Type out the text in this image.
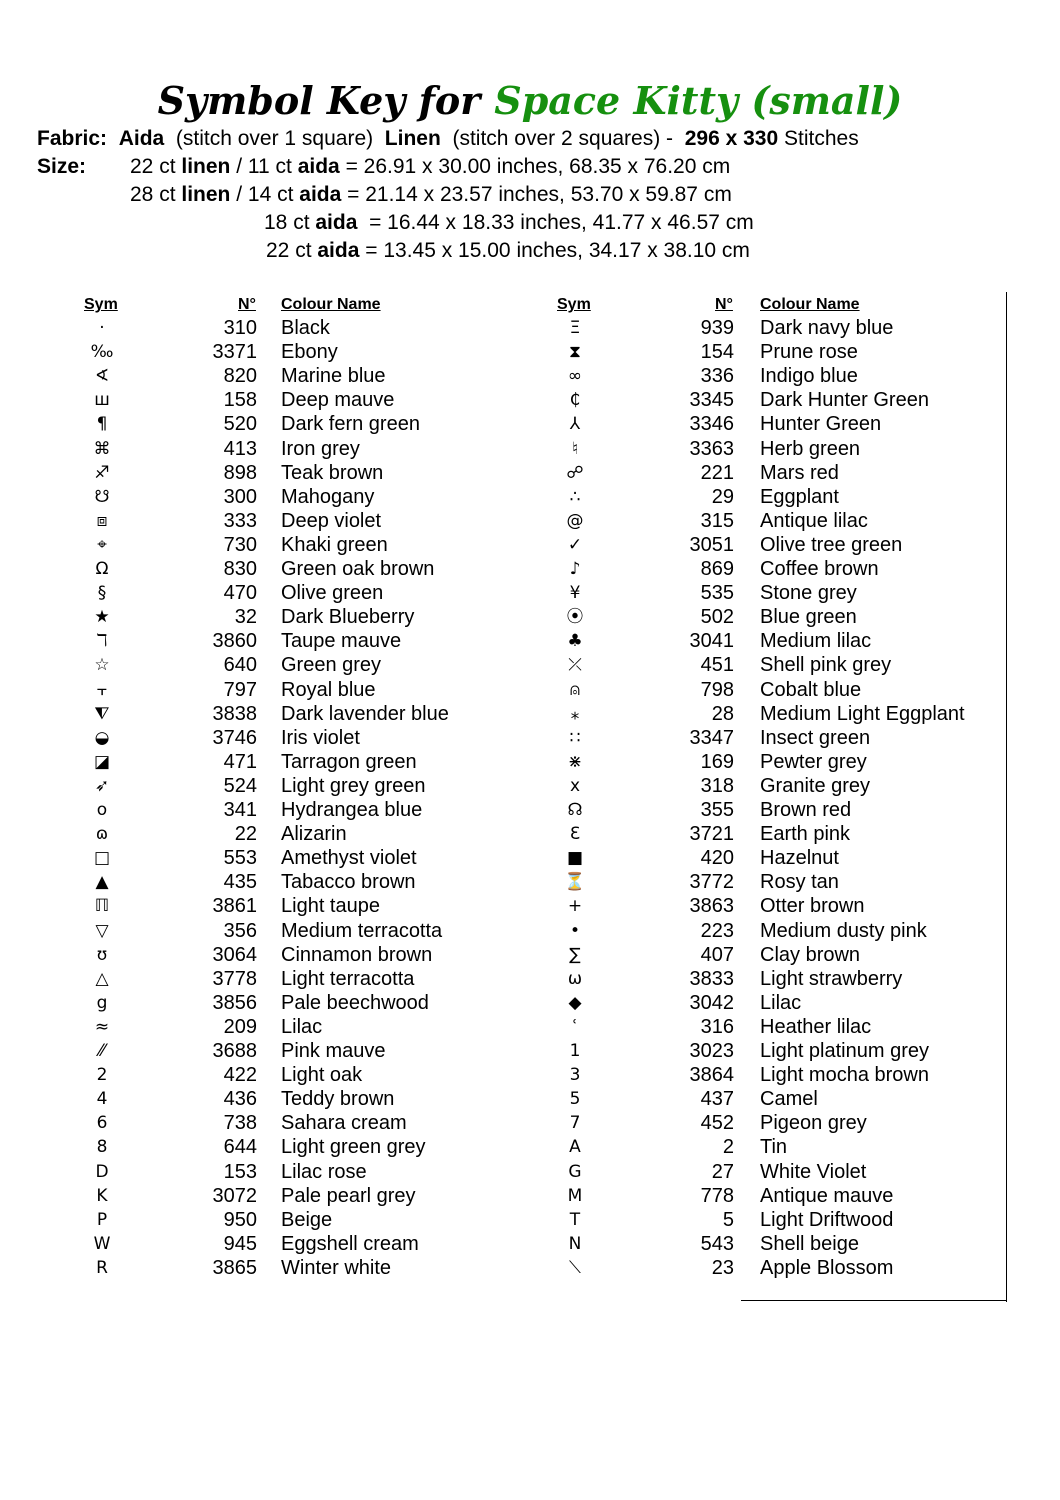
Symbol Key for Space Kitty (small)
Fabric: Aida (stitch over 1 square) Linen (stitch over 2 squares) - 296 x 330 Stitches
Size: 22 ct linen / 11 ct aida = 26.91 x 30.00 inches, 68.35 x 76.20 cm
28 ct linen / 14 ct aida = 21.14 x 23.57 inches, 53.70 x 59.87 cm
18 ct aida  = 16.44 x 18.33 inches, 41.77 x 46.57 cm
22 ct aida = 13.45 x 15.00 inches, 34.17 x 38.10 cm
Sym	N° Colour Name
·	310 Black
‰	3371 Ebony
∢	820 Marine blue
ш	158 Deep mauve
¶	520 Dark fern green
⌘	413 Iron grey
♐	898 Teak brown
☋	300 Mahogany
⧈	333 Deep violet
⌖	730 Khaki green
Ω	830 Green oak brown
§	470 Olive green
★	32 Dark Blueberry
ℸ	3860 Taupe mauve
☆	640 Green grey
⫟	797 Royal blue
⧨	3838 Dark lavender blue
◒	3746 Iris violet
◪	471 Tarragon green
➶	524 Light grey green
o	341 Hydrangea blue
ɷ	22 Alizarin
□	553 Amethyst violet
▲	435 Tabacco brown
ℿ	3861 Light taupe
▽	356 Medium terracotta
ʊ	3064 Cinnamon brown
△	3778 Light terracotta
g	3856 Pale beechwood
≈	209 Lilac
⁄⁄	3688 Pink mauve
2	422 Light oak
4	436 Teddy brown
6	738 Sahara cream
8	644 Light green grey
D	153 Lilac rose
K	3072 Pale pearl grey
P	950 Beige
W	945 Eggshell cream
R	3865 Winter white
Sym	N° Colour Name
Ξ	939 Dark navy blue
⧗	154 Prune rose
∞	336 Indigo blue
₵	3345 Dark Hunter Green
⅄	3346 Hunter Green
♮	3363 Herb green
☍	221 Mars red
∴	29 Eggplant
@	315 Antique lilac
✓	3051 Olive tree green
♪	869 Coffee brown
¥	535 Stone grey
⦿	502 Blue green
♣	3041 Medium lilac
⤫	451 Shell pink grey
⍝	798 Cobalt blue
⁎	28 Medium Light Eggplant
∷	3347 Insect green
⋇	169 Pewter grey
x	318 Granite grey
☊	355 Brown red
Ɛ	3721 Earth pink
■	420 Hazelnut
⏳	3772 Rosy tan
+	3863 Otter brown
•	223 Medium dusty pink
∑	407 Clay brown
ω	3833 Light strawberry
◆	3042 Lilac
ʿ	316 Heather lilac
1	3023 Light platinum grey
3	3864 Light mocha brown
5	437 Camel
7	452 Pigeon grey
A	2 Tin
G	27 White Violet
M	778 Antique mauve
T	5 Light Driftwood
N	543 Shell beige
⟍	23 Apple Blossom
